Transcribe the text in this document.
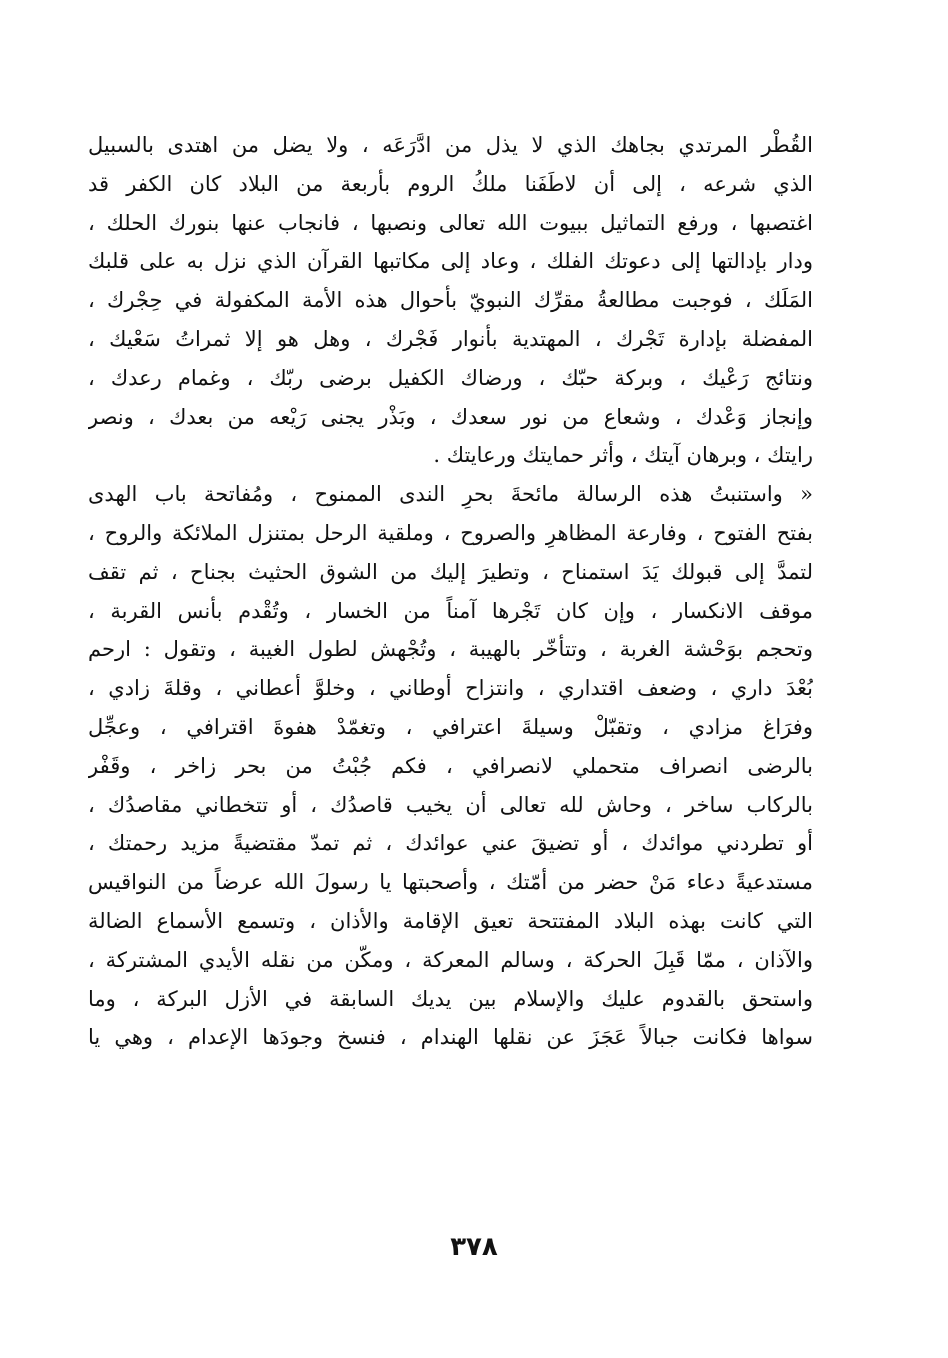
القُطْر المرتدي بجاهك الذي لا يذل من ادَّرَعَه ، ولا يضل من اهتدى بالسبيل
الذي شرعه ، إلى أن لاطَفَنا ملكُ الروم بأربعة من البلاد كان الكفر قد
اغتصبها ، ورفع التماثيل ببيوت الله تعالى ونصبها ، فانجاب عنها بنورك الحلك ،
ودار بإدالتها إلى دعوتك الفلك ، وعاد إلى مكاتبها القرآن الذي نزل به على قلبك
المَلَك ، فوجبت مطالعةُ مقرِّك النبويّ بأحوال هذه الأمة المكفولة في حِجْرك ،
المفضلة بإدارة تَجْرك ، المهتدية بأنوار فَجْرك ، وهل هو إلا ثمراتُ سَعْيك ،
ونتائج رَعْيك ، وبركة حبّك ، ورضاك الكفيل برضى ربّك ، وغمام رعدك ،
وإنجاز وَعْدك ، وشعاع من نور سعدك ، وبَذْر يجنى رَيْعه من بعدك ، ونصر
رايتك ، وبرهان آيتك ، وأثر حمايتك ورعايتك .
« واستنبتُ هذه الرسالة مائحةَ بحرِ الندى الممنوح ، ومُفاتحة باب الهدى
بفتح الفتوح ، وفارعة المظاهرِ والصروح ، وملقية الرحل بمتنزل الملائكة والروح ،
لتمدَّ إلى قبولك يَدَ استمناح ، وتطيرَ إليك من الشوق الحثيث بجناح ، ثم تقف
موقف الانكسار ، وإن كان تَجْرها آمناً من الخسار ، وتُقْدم بأنس القربة ،
وتحجم بوَحْشة الغربة ، وتتأخّر بالهيبة ، وتُجْهش لطول الغيبة ، وتقول : ارحم
بُعْدَ داري ، وضعف اقتداري ، وانتزاح أوطاني ، وخلوَّ أعطاني ، وقلةَ زادي ،
وفرَاغ مزادي ، وتقبّلْ وسيلةَ اعترافي ، وتغمّدْ هفوةَ اقترافي ، وعجِّل
بالرضى انصراف متحملي لانصرافي ، فكم جُبْتُ من بحر زاخر ، وقَفْر
بالركاب ساخر ، وحاش لله تعالى أن يخيب قاصدُك ، أو تتخطاني مقاصدُك ،
أو تطردني موائدك ، أو تضيقَ عني عوائدك ، ثم تمدّ مقتضيةً مزيد رحمتك ،
مستدعيةً دعاء مَنْ حضر من أمّتك ، وأصحبتها يا رسولَ الله عرضاً من النواقيس
التي كانت بهذه البلاد المفتتحة تعيق الإقامة والأذان ، وتسمع الأسماع الضالة
والآذان ، ممّا قَبِلَ الحركة ، وسالم المعركة ، ومكّن من نقله الأيدي المشتركة ،
واستحق بالقدوم عليك والإسلام بين يديك السابقة في الأزل البركة ، وما
سواها فكانت جبالاً عَجَزَ عن نقلها الهندام ، فنسخ وجودَها الإعدام ، وهي يا
٣٧٨
